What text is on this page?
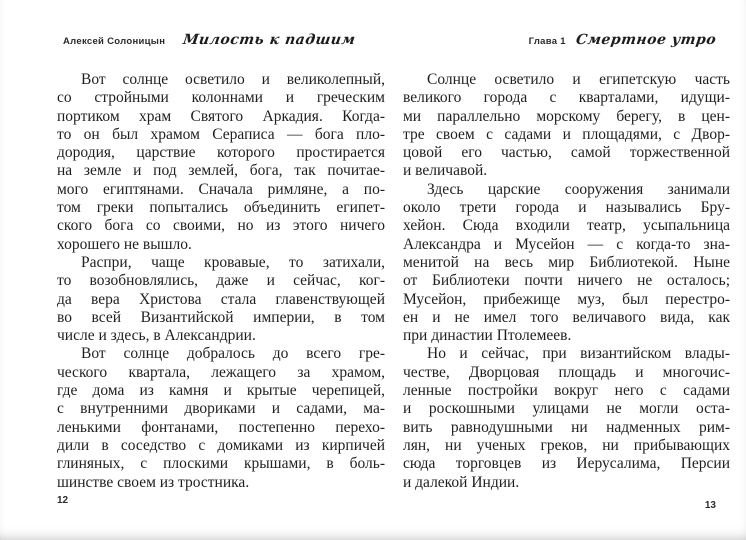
Алексей Солоницын Милость к падшим
Вот солнце осветило и великолепный,
со стройными колоннами и греческим
портиком храм Святого Аркадия. Когда-
то он был храмом Сераписа — бога пло-
дородия, царствие которого простирается
на земле и под землей, бога, так почитае-
мого египтянами. Сначала римляне, а по-
том греки попытались объединить египет-
ского бога со своими, но из этого ничего
хорошего не вышло.
Распри, чаще кровавые, то затихали,
то возобновлялись, даже и сейчас, ког-
да вера Христова стала главенствующей
во всей Византийской империи, в том
числе и здесь, в Александрии.
Вот солнце добралось до всего гре-
ческого квартала, лежащего за храмом,
где дома из камня и крытые черепицей,
с внутренними двориками и садами, ма-
ленькими фонтанами, постепенно перехо-
дили в соседство с домиками из кирпичей
глиняных, с плоскими крышами, в боль-
шинстве своем из тростника.
12
Глава 1 Смертное утро
Солнце осветило и египетскую часть
великого города с кварталами, идущи-
ми параллельно морскому берегу, в цен-
тре своем с садами и площадями, с Двор-
цовой его частью, самой торжественной
и величавой.
Здесь царские сооружения занимали
около трети города и назывались Бру-
хейон. Сюда входили театр, усыпальница
Александра и Мусейон — с когда-то зна-
менитой на весь мир Библиотекой. Ныне
от Библиотеки почти ничего не осталось;
Мусейон, прибежище муз, был перестро-
ен и не имел того величавого вида, как
при династии Птолемеев.
Но и сейчас, при византийском влады-
честве, Дворцовая площадь и многочис-
ленные постройки вокруг него с садами
и роскошными улицами не могли оста-
вить равнодушными ни надменных рим-
лян, ни ученых греков, ни прибывающих
сюда торговцев из Иерусалима, Персии
и далекой Индии.
13
